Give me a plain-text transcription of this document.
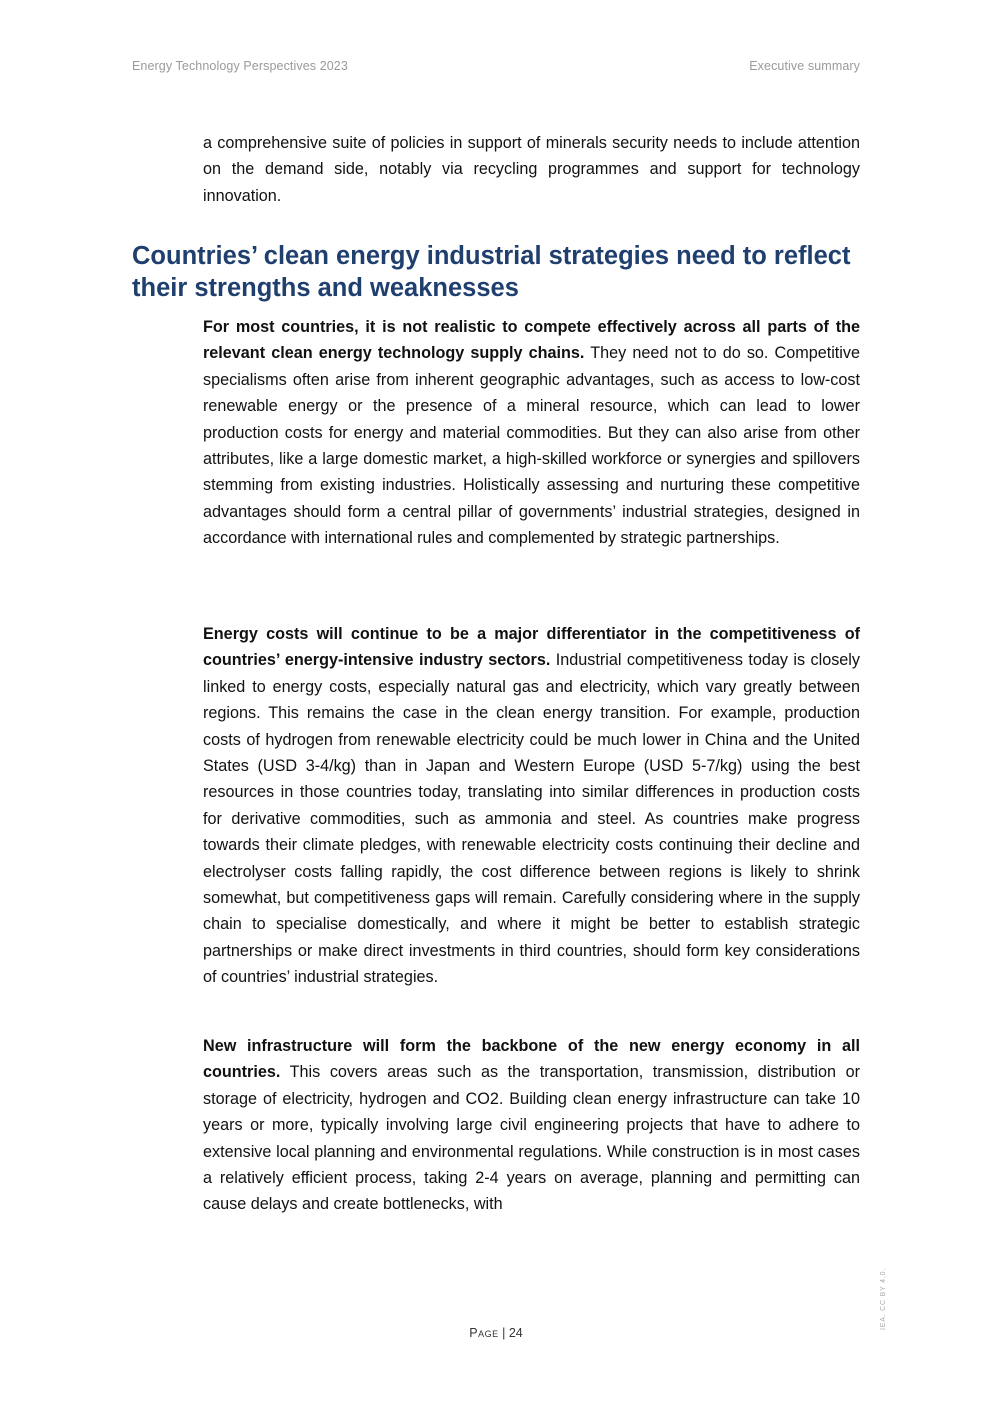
Energy Technology Perspectives 2023	Executive summary

a comprehensive suite of policies in support of minerals security needs to include attention on the demand side, notably via recycling programmes and support for technology innovation.

Countries’ clean energy industrial strategies need to reflect their strengths and weaknesses

For most countries, it is not realistic to compete effectively across all parts of the relevant clean energy technology supply chains. They need not to do so. Competitive specialisms often arise from inherent geographic advantages, such as access to low-cost renewable energy or the presence of a mineral resource, which can lead to lower production costs for energy and material commodities. But they can also arise from other attributes, like a large domestic market, a high-skilled workforce or synergies and spillovers stemming from existing industries. Holistically assessing and nurturing these competitive advantages should form a central pillar of governments’ industrial strategies, designed in accordance with international rules and complemented by strategic partnerships.

Energy costs will continue to be a major differentiator in the competitiveness of countries’ energy-intensive industry sectors. Industrial competitiveness today is closely linked to energy costs, especially natural gas and electricity, which vary greatly between regions. This remains the case in the clean energy transition. For example, production costs of hydrogen from renewable electricity could be much lower in China and the United States (USD 3-4/kg) than in Japan and Western Europe (USD 5-7/kg) using the best resources in those countries today, translating into similar differences in production costs for derivative commodities, such as ammonia and steel. As countries make progress towards their climate pledges, with renewable electricity costs continuing their decline and electrolyser costs falling rapidly, the cost difference between regions is likely to shrink somewhat, but competitiveness gaps will remain. Carefully considering where in the supply chain to specialise domestically, and where it might be better to establish strategic partnerships or make direct investments in third countries, should form key considerations of countries’ industrial strategies.

New infrastructure will form the backbone of the new energy economy in all countries. This covers areas such as the transportation, transmission, distribution or storage of electricity, hydrogen and CO2. Building clean energy infrastructure can take 10 years or more, typically involving large civil engineering projects that have to adhere to extensive local planning and environmental regulations. While construction is in most cases a relatively efficient process, taking 2-4 years on average, planning and permitting can cause delays and create bottlenecks, with

Page | 24
IEA. CC BY 4.0.
